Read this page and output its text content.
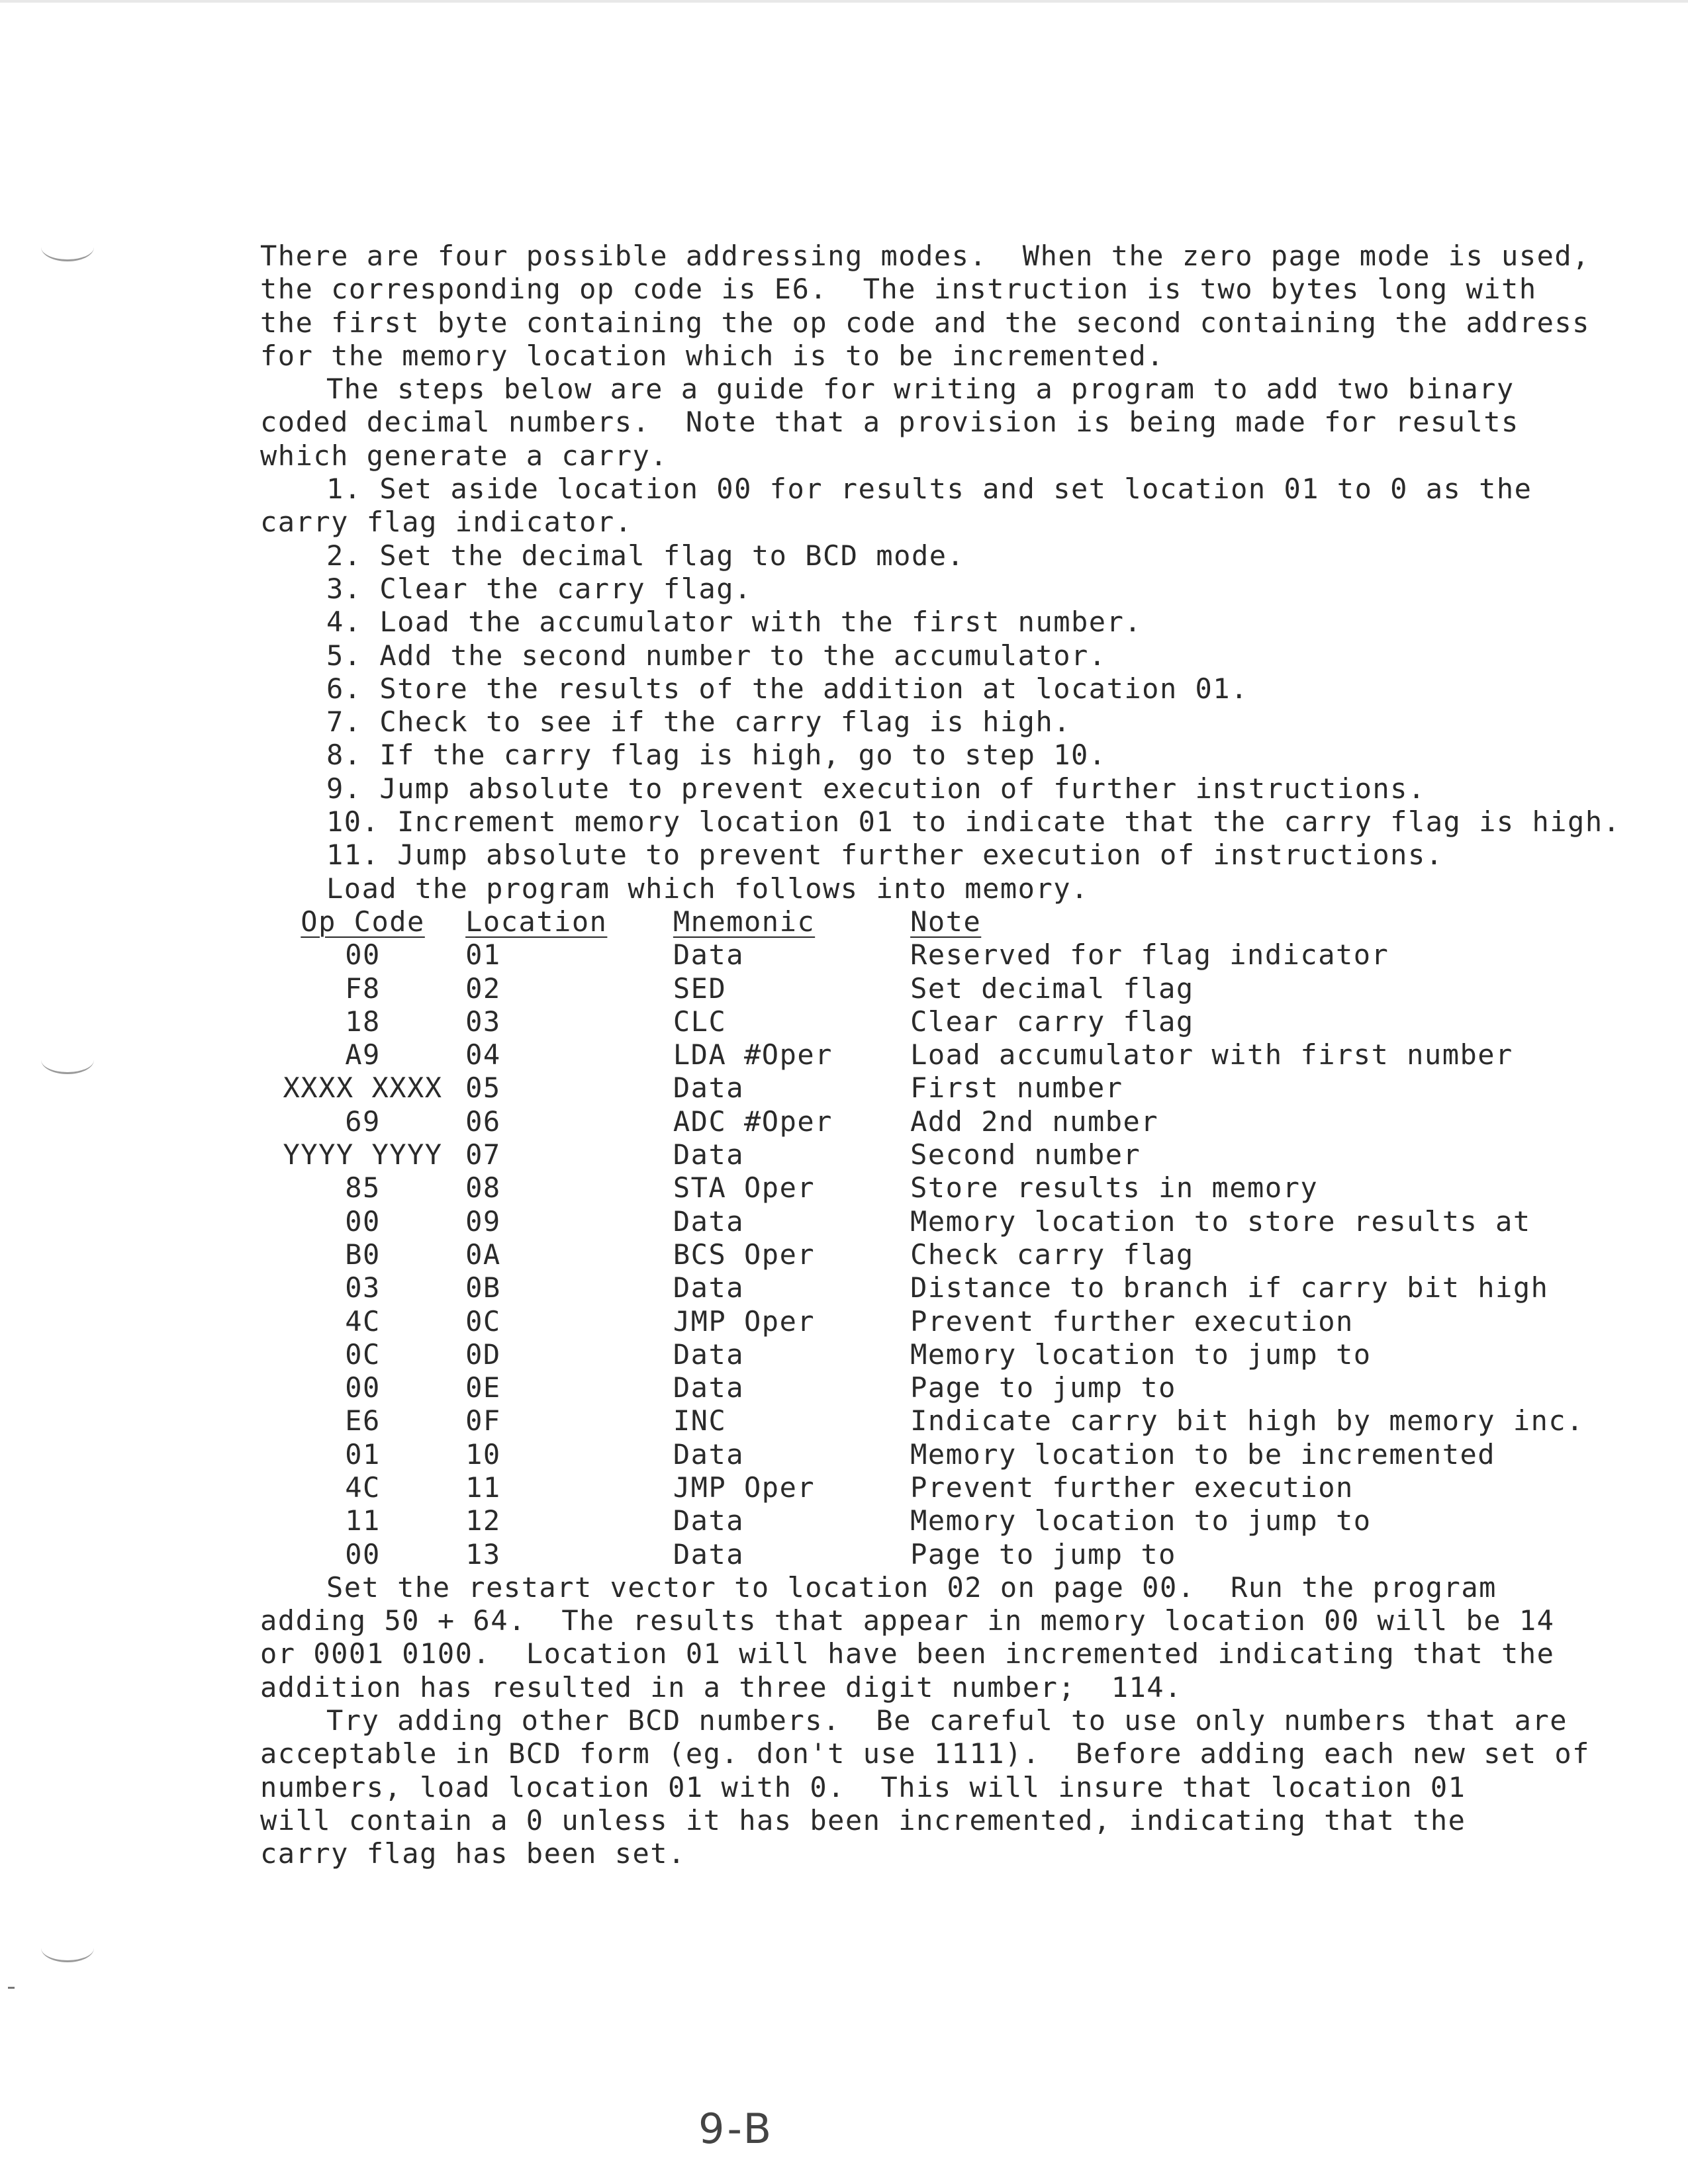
There are four possible addressing modes.  When the zero page mode is used,
the corresponding op code is E6.  The instruction is two bytes long with
the first byte containing the op code and the second containing the address
for the memory location which is to be incremented.
The steps below are a guide for writing a program to add two binary
coded decimal numbers.  Note that a provision is being made for results
which generate a carry.
1. Set aside location 00 for results and set location 01 to 0 as the
carry flag indicator.
2. Set the decimal flag to BCD mode.
3. Clear the carry flag.
4. Load the accumulator with the first number.
5. Add the second number to the accumulator.
6. Store the results of the addition at location 01.
7. Check to see if the carry flag is high.
8. If the carry flag is high, go to step 10.
9. Jump absolute to prevent execution of further instructions.
10. Increment memory location 01 to indicate that the carry flag is high.
11. Jump absolute to prevent further execution of instructions.
Load the program which follows into memory.
Op Code	Location	Mnemonic	Note
00	01	Data	Reserved for flag indicator
F8	02	SED	Set decimal flag
18	03	CLC	Clear carry flag
A9	04	LDA #Oper	Load accumulator with first number
XXXX XXXX	05	Data	First number
69	06	ADC #Oper	Add 2nd number
YYYY YYYY	07	Data	Second number
85	08	STA Oper	Store results in memory
00	09	Data	Memory location to store results at
B0	0A	BCS Oper	Check carry flag
03	0B	Data	Distance to branch if carry bit high
4C	0C	JMP Oper	Prevent further execution
0C	0D	Data	Memory location to jump to
00	0E	Data	Page to jump to
E6	0F	INC	Indicate carry bit high by memory inc.
01	10	Data	Memory location to be incremented
4C	11	JMP Oper	Prevent further execution
11	12	Data	Memory location to jump to
00	13	Data	Page to jump to
Set the restart vector to location 02 on page 00.  Run the program
adding 50 + 64.  The results that appear in memory location 00 will be 14
or 0001 0100.  Location 01 will have been incremented indicating that the
addition has resulted in a three digit number;  114.
Try adding other BCD numbers.  Be careful to use only numbers that are
acceptable in BCD form (eg. don't use 1111).  Before adding each new set of
numbers, load location 01 with 0.  This will insure that location 01
will contain a 0 unless it has been incremented, indicating that the
carry flag has been set.
9-B
